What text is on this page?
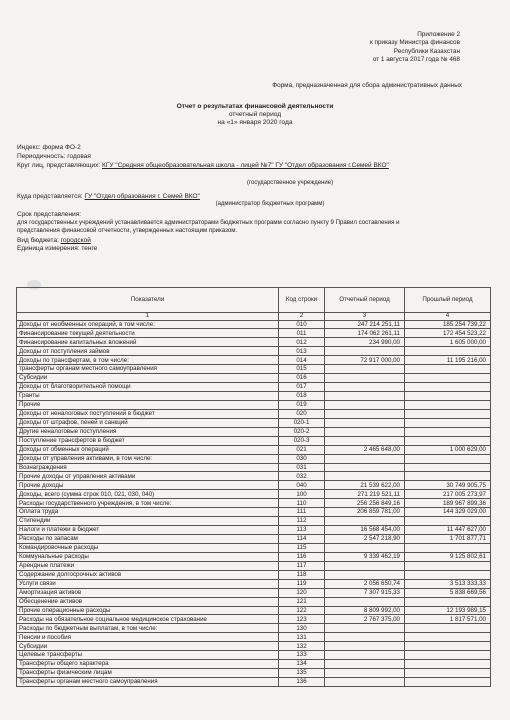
Приложение 2
к приказу Министра финансов
Республики Казахстан
от 1 августа 2017 года № 468
Форма, предназначенная для сбора административных данных
Отчет о результатах финансовой деятельности
отчетный период
на «1» января 2020 года
Индекс: форма ФО-2
Периодичность: годовая
Круг лиц, представляющих: КГУ "Средняя общеобразовательная школа - лицей №7" ГУ "Отдел образования г.Семей ВКО"
(государственное учреждение)
Куда представляется: ГУ "Отдел образования г. Семей ВКО"
(администратор бюджетных программ)
Срок представления:
для государственных учреждений устанавливается администраторами бюджетных программ согласно пункту 9 Правил составления и
представления финансовой отчетности, утвержденных настоящим приказом.
Вид бюджета: городской
Единица измерения: тенге
Показатели	Код строки	Отчетный период	Прошлый период
1	2	3	4
Доходы от необменных операций, в том числе:	010	247 214 251,11	185 254 739,22
Финансирование текущей деятельности	011	174 062 261,11	172 454 523,22
Финансирование капитальных вложений	012	234 990,00	1 605 000,00
Доходы от поступления займов	013		
Доходы по трансфертам, в том числе:	014	72 917 000,00	11 195 216,00
трансферты органам местного самоуправления	015		
Субсидии	016		
Доходы от благотворительной помощи	017		
Гранты	018		
Прочие	019		
Доходы от неналоговых поступлений в бюджет	020		
Доходы от штрафов, пеней и санкций	020-1		
Другие неналоговые поступления	020-2		
Поступление трансфертов в бюджет	020-3		
Доходы от обменных операций	021	2 465 648,00	1 000 629,00
Доходы от управления активами, в том числе:	030		
Вознаграждения	031		
Прочие доходы от управления активами	032		
Прочие доходы	040	21 539 622,00	30 749 905,75
Доходы, всего (сумма строк 010, 021, 030, 040)	100	271 219 521,11	217 005 273,97
Расходы государственного учреждения, в том числе:	110	256 256 849,16	189 967 899,36
Оплата труда	111	206 859 781,00	144 329 029,00
Стипендии	112		
Налоги и платежи в бюджет	113	16 568 454,00	11 447 627,00
Расходы по запасам	114	2 547 218,90	1 701 877,71
Командировочные расходы	115		
Коммунальные расходы	116	9 339 462,19	9 125 802,61
Арендные платежи	117		
Содержание долгосрочных активов	118		
Услуги связи	119	2 056 650,74	3 513 333,33
Амортизация активов	120	7 307 915,33	5 838 669,56
Обесценение активов	121		
Прочие операционные расходы	122	8 809 992,00	12 193 989,15
Расходы на обязательное социальное медицинское страхование	123	2 767 375,00	1 817 571,00
Расходы по бюджетным выплатам, в том числе:	130		
Пенсии и пособия	131		
Субсидии	132		
Целевые трансферты	133		
Трансферты общего характера	134		
Трансферты физическим лицам	135		
Трансферты органам местного самоуправления	136		
